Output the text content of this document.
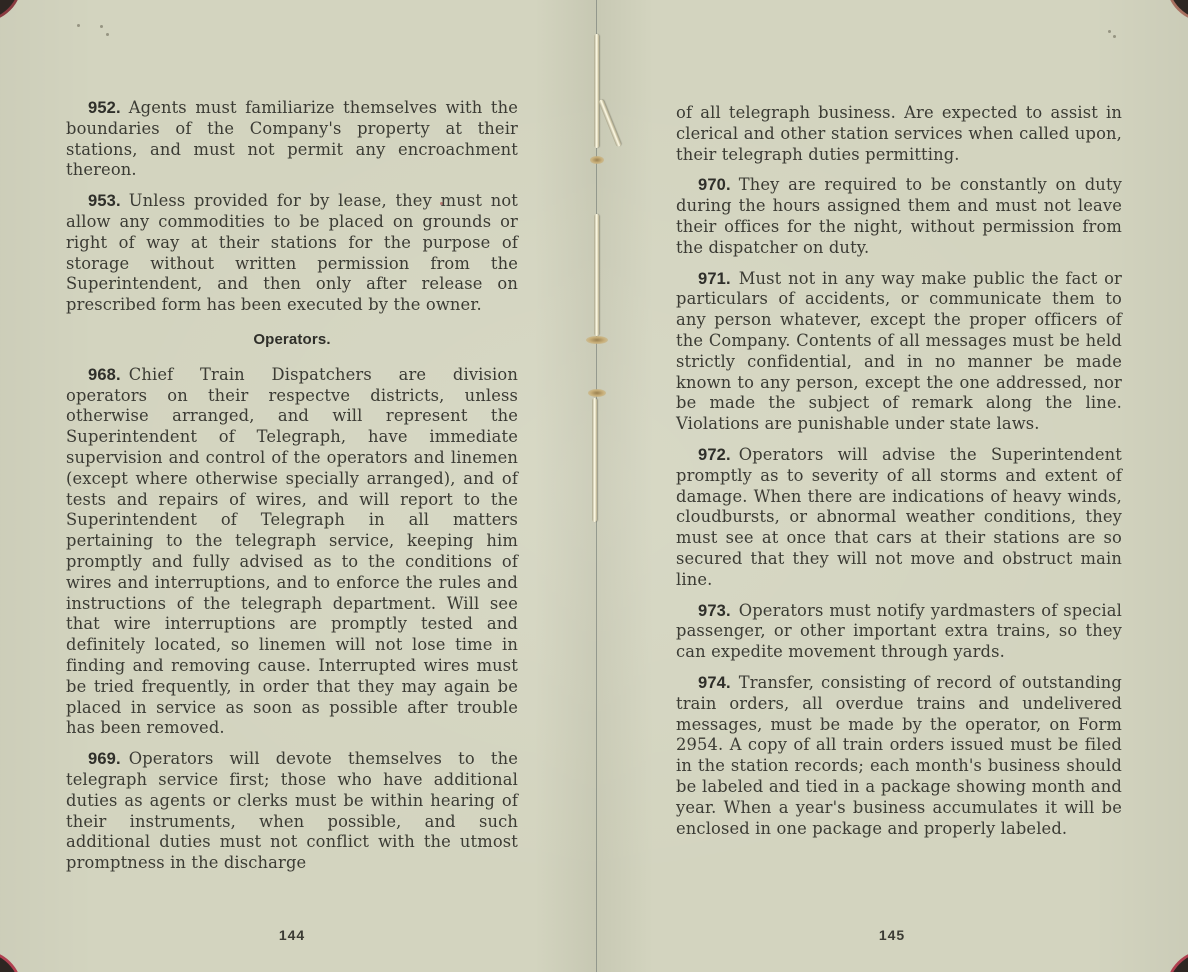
952. Agents must familiarize themselves with the boundaries of the Company's property at their stations, and must not permit any encroachment thereon.

953. Unless provided for by lease, they must not allow any commodities to be placed on grounds or right of way at their stations for the purpose of storage without written permission from the Superintendent, and then only after release on prescribed form has been executed by the owner.

Operators.

968. Chief Train Dispatchers are division operators on their respectve districts, unless otherwise arranged, and will represent the Superintendent of Telegraph, have immediate supervision and control of the operators and linemen (except where otherwise specially arranged), and of tests and repairs of wires, and will report to the Superintendent of Telegraph in all matters pertaining to the telegraph service, keeping him promptly and fully advised as to the conditions of wires and interruptions, and to enforce the rules and instructions of the telegraph department. Will see that wire interruptions are promptly tested and definitely located, so linemen will not lose time in finding and removing cause. Interrupted wires must be tried frequently, in order that they may again be placed in service as soon as possible after trouble has been removed.

969. Operators will devote themselves to the telegraph service first; those who have additional duties as agents or clerks must be within hearing of their instruments, when possible, and such additional duties must not conflict with the utmost promptness in the discharge

144

of all telegraph business. Are expected to assist in clerical and other station services when called upon, their telegraph duties permitting.

970. They are required to be constantly on duty during the hours assigned them and must not leave their offices for the night, without permission from the dispatcher on duty.

971. Must not in any way make public the fact or particulars of accidents, or communicate them to any person whatever, except the proper officers of the Company. Contents of all messages must be held strictly confidential, and in no manner be made known to any person, except the one addressed, nor be made the subject of remark along the line. Violations are punishable under state laws.

972. Operators will advise the Superintendent promptly as to severity of all storms and extent of damage. When there are indications of heavy winds, cloudbursts, or abnormal weather conditions, they must see at once that cars at their stations are so secured that they will not move and obstruct main line.

973. Operators must notify yardmasters of special passenger, or other important extra trains, so they can expedite movement through yards.

974. Transfer, consisting of record of outstanding train orders, all overdue trains and undelivered messages, must be made by the operator, on Form 2954. A copy of all train orders issued must be filed in the station records; each month's business should be labeled and tied in a package showing month and year. When a year's business accumulates it will be enclosed in one package and properly labeled.

145
